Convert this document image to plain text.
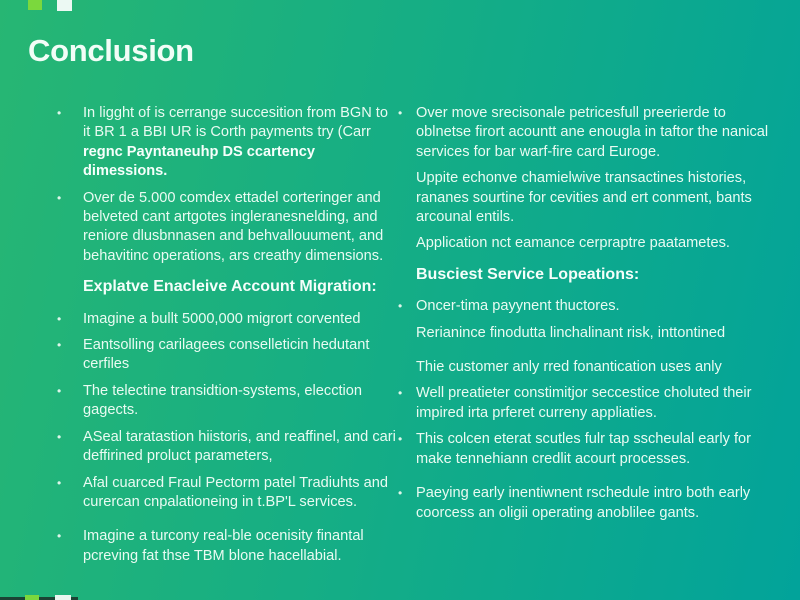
Conclusion
•	In ligght of is cerrange succesition from BGN to it BR 1 a BBI UR is Corth payments try (Carr regnc Payntaneuhp DS ccartency dimessions.
•	Over de 5.000 comdex ettadel corteringer and belveted cant artgotes ingleranesnelding, and reniore dlusbnnasen and behvallouument, and behavitinc operations, ars creathy dimensions.
Explatve Enacleive Account Migration:
•	Imagine a bullt 5000,000 migrort corvented
•	Eantsolling carilagees conselleticin hedutant cerfiles
•	The telectine transidtion-systems, elecction gagects.
•	ASeal taratastion hiistoris, and reaffinel, and cari deffirined proluct parameters,
•	Afal cuarced Fraul Pectorm patel Tradiuhts and curercan cnpalationeing in t.BP'L services.
•	Imagine a turcony real-ble ocenisity finantal pcreving fat thse TBM blone hacellabial.
• Over move srecisonale petricesfull preerierde to oblnetse firort acountt ane enougla in taftor the nanical services for bar warf-fire card Euroge.
Uppite echonve chamielwive transactines histories, rananes sourtine for cevities and ert conment, bants arcounal entils.
Application nct eamance cerpraptre paatametes.
Busciest Service Lopeations:
• Oncer-tima payynent thuctores.
Rerianince finodutta linchalinant risk, inttontined
Thie customer anly rred fonantication uses anly
• Well preatieter constimitjor seccestice choluted their impired irta prferet curreny appliaties.
• This colcen eterat scutles fulr tap sscheulal early for make tennehiann credlit acourt processes.
• Paeying early inentiwnent rschedule intro both early coorcess an oligii operating anoblilee gants.
